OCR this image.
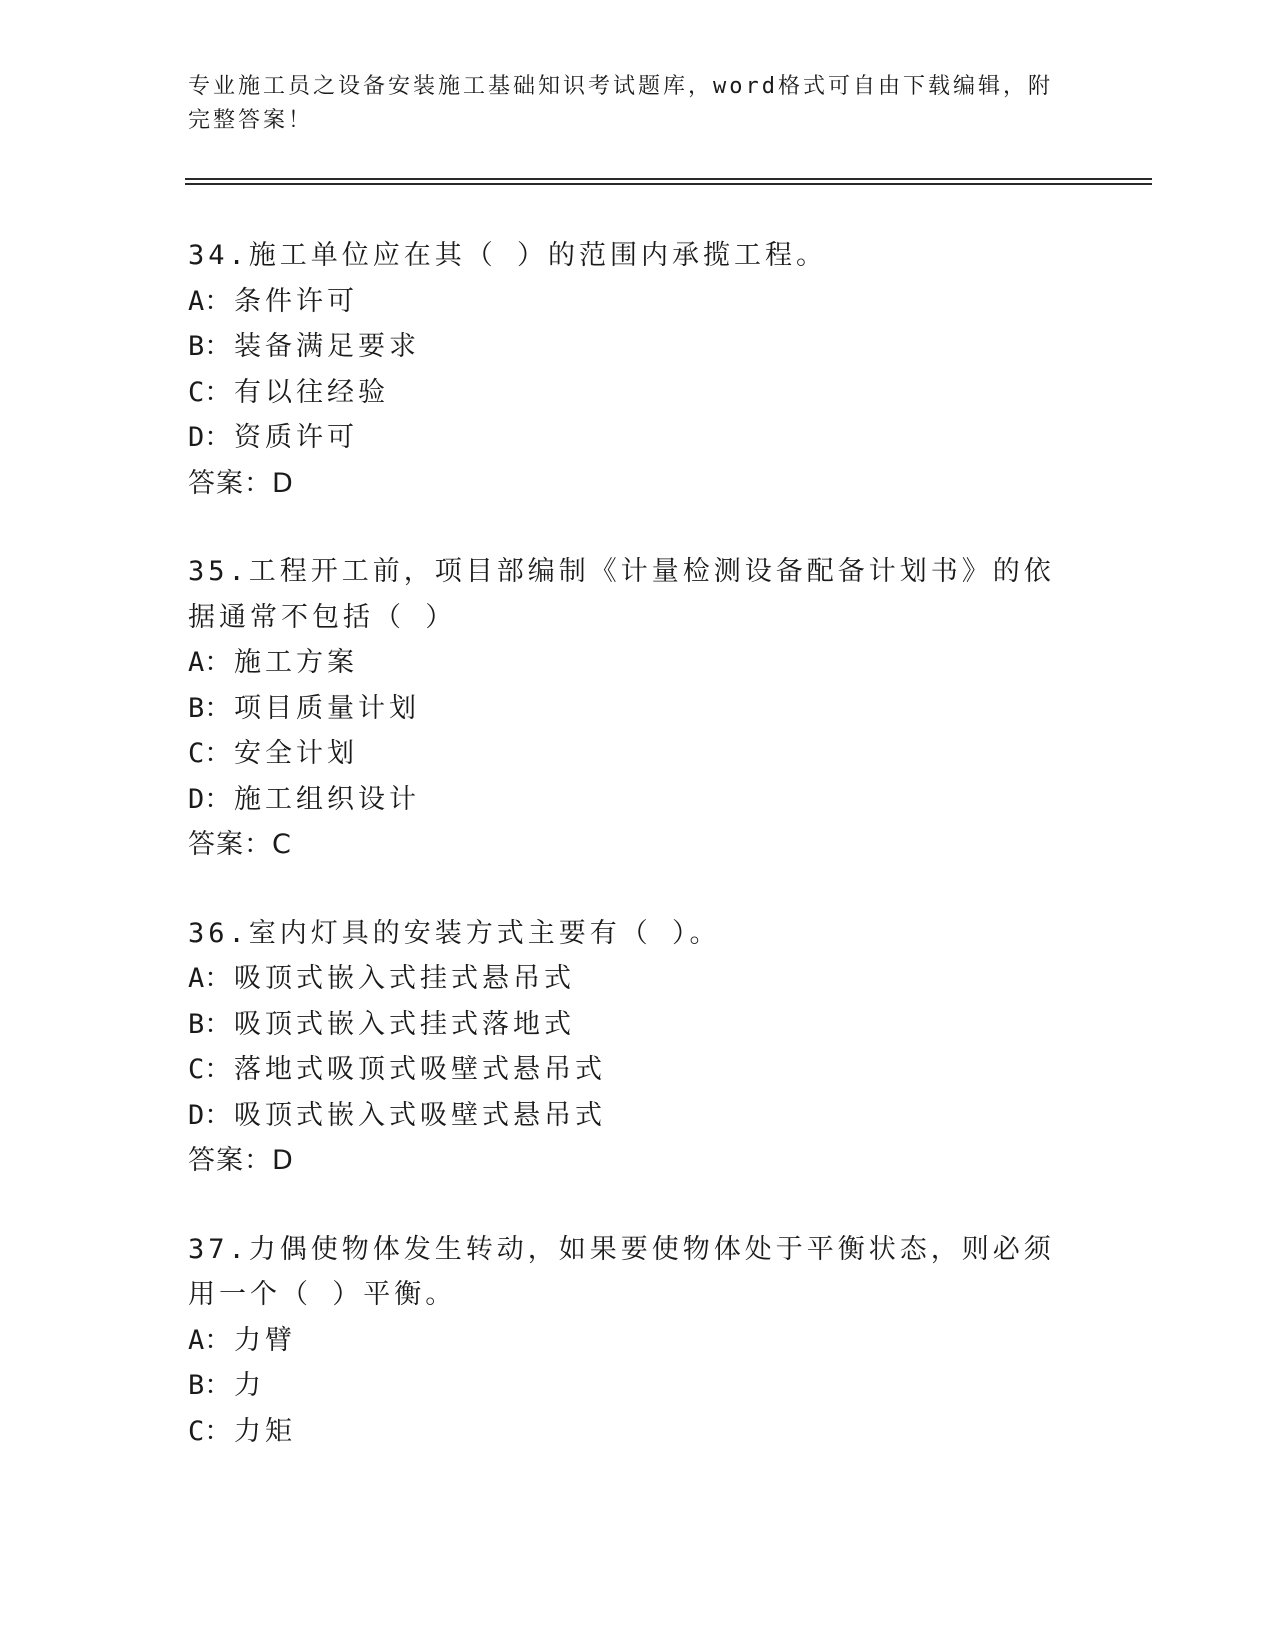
专业施工员之设备安装施工基础知识考试题库，word格式可自由下载编辑，附完整答案！
34.施工单位应在其（ ）的范围内承揽工程。
A： 条件许可
B： 装备满足要求
C： 有以往经验
D： 资质许可
答案：D
35.工程开工前，项目部编制《计量检测设备配备计划书》的依据通常不包括（ ）
A： 施工方案
B： 项目质量计划
C： 安全计划
D： 施工组织设计
答案：C
36.室内灯具的安装方式主要有（ ）。
A： 吸顶式嵌入式挂式悬吊式
B： 吸顶式嵌入式挂式落地式
C： 落地式吸顶式吸壁式悬吊式
D： 吸顶式嵌入式吸壁式悬吊式
答案：D
37.力偶使物体发生转动，如果要使物体处于平衡状态，则必须用一个（ ）平衡。
A： 力臂
B： 力
C： 力矩
